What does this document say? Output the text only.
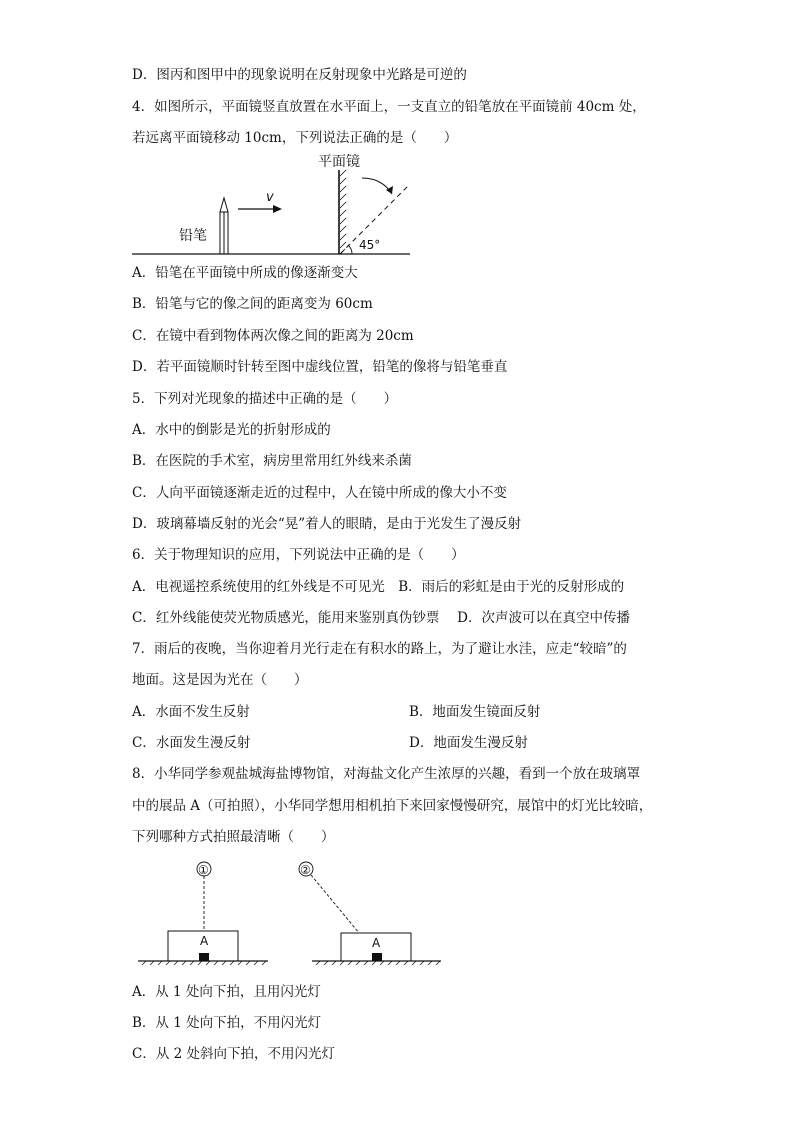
D．图丙和图甲中的现象说明在反射现象中光路是可逆的
4．如图所示，平面镜竖直放置在水平面上，一支直立的铅笔放在平面镜前 40cm 处，
若远离平面镜移动 10cm，下列说法正确的是（　　）
平面镜
45°
铅笔
v
A．铅笔在平面镜中所成的像逐渐变大
B．铅笔与它的像之间的距离变为 60cm
C．在镜中看到物体两次像之间的距离为 20cm
D．若平面镜顺时针转至图中虚线位置，铅笔的像将与铅笔垂直
5．下列对光现象的描述中正确的是（　　）
A．水中的倒影是光的折射形成的
B．在医院的手术室，病房里常用红外线来杀菌
C．人向平面镜逐渐走近的过程中，人在镜中所成的像大小不变
D．玻璃幕墙反射的光会“晃”着人的眼睛，是由于光发生了漫反射
6．关于物理知识的应用，下列说法中正确的是（　　）
A．电视遥控系统使用的红外线是不可见光　B．雨后的彩虹是由于光的反射形成的
C．红外线能使荧光物质感光，能用来鉴别真伪钞票　 D．次声波可以在真空中传播
7．雨后的夜晚，当你迎着月光行走在有积水的路上，为了避让水洼，应走“较暗”的
地面。这是因为光在（　　）
A．水面不发生反射	B．地面发生镜面反射
C．水面发生漫反射	D．地面发生漫反射
8．小华同学参观盐城海盐博物馆，对海盐文化产生浓厚的兴趣，看到一个放在玻璃罩
中的展品 A（可拍照），小华同学想用相机拍下来回家慢慢研究，展馆中的灯光比较暗，
下列哪种方式拍照最清晰（　　）
①
A
②
A
A．从 1 处向下拍，且用闪光灯
B．从 1 处向下拍，不用闪光灯
C．从 2 处斜向下拍，不用闪光灯
